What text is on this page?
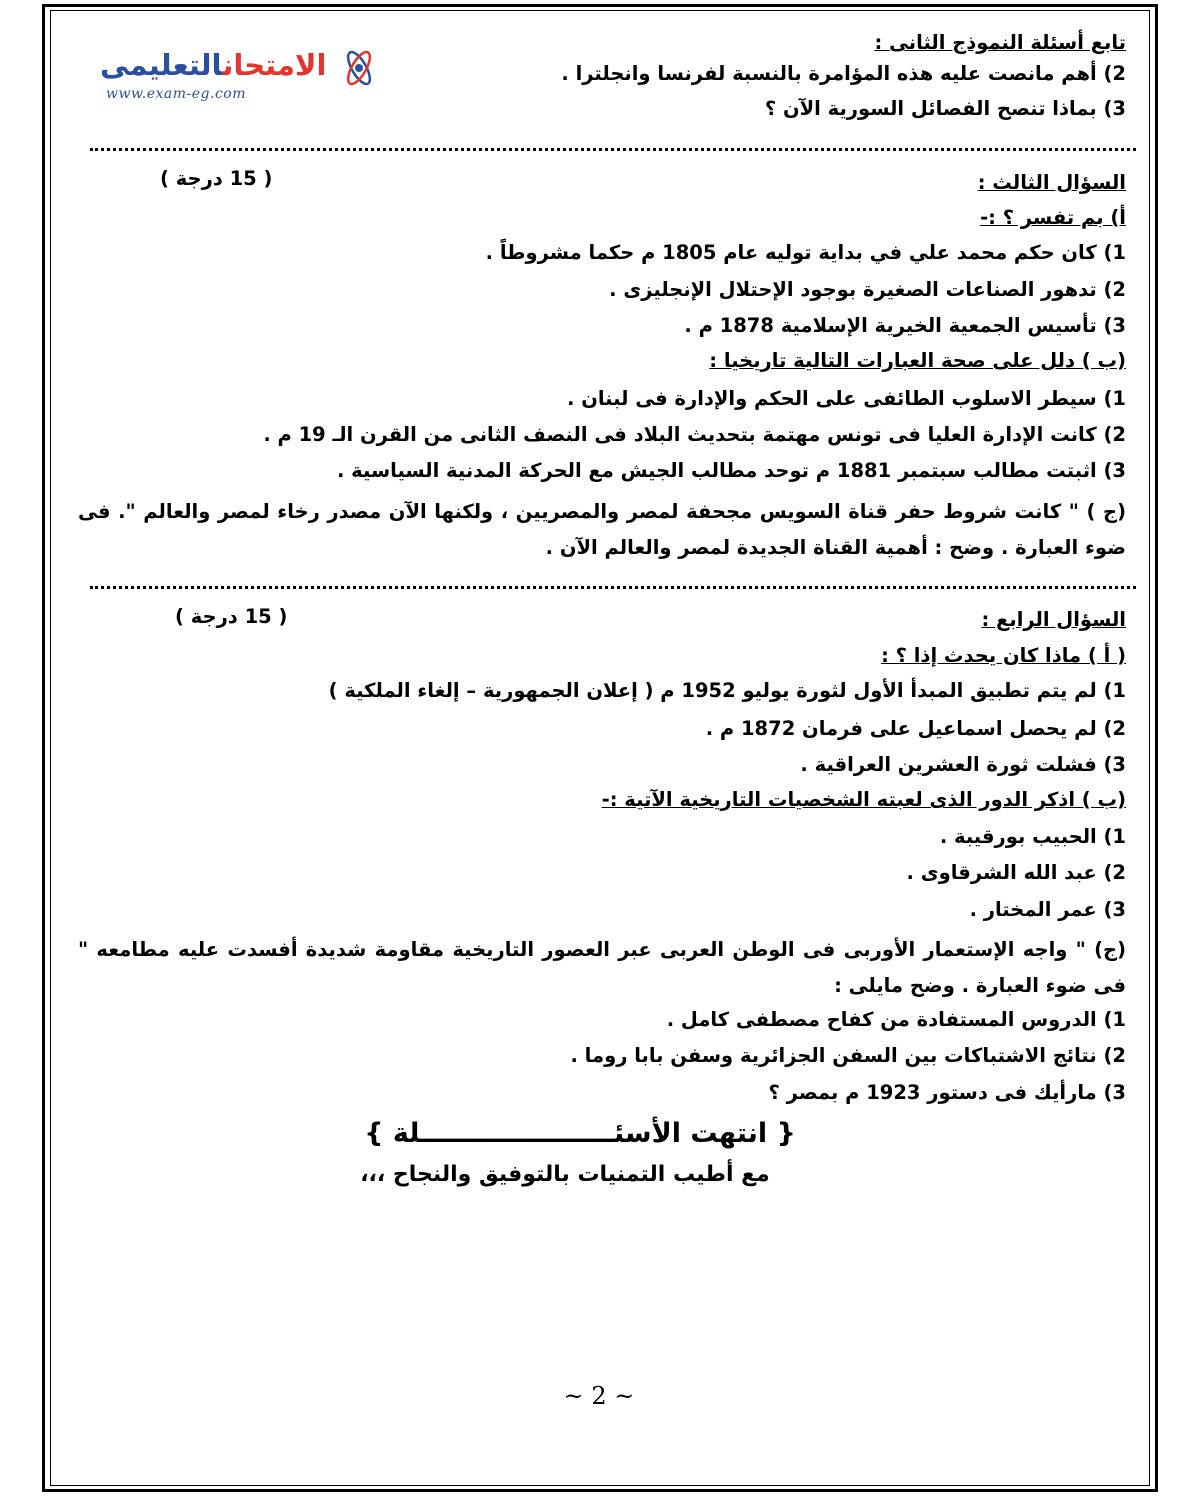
الامتحانالتعليمى
www.exam-eg.com
تابع أسئلة النموذج الثانى :
2) أهم مانصت عليه هذه المؤامرة بالنسبة لفرنسا وانجلترا .
3) بماذا تنصح الفصائل السورية الآن ؟
السؤال الثالث :
( 15 درجة )
أ) بم تفسر ؟ :-
1) كان حكم محمد علي في بداية توليه عام 1805 م حكما مشروطاً .
2) تدهور الصناعات الصغيرة بوجود الإحتلال الإنجليزى .
3) تأسيس الجمعية الخيرية الإسلامية 1878 م .
(ب ) دلل على صحة العبارات التالية تاريخيا :
1) سيطر الاسلوب الطائفى على الحكم والإدارة فى لبنان .
2) كانت الإدارة العليا فى تونس مهتمة بتحديث البلاد فى النصف الثانى من القرن الـ 19 م .
3) اثبتت مطالب سبتمبر 1881 م توحد مطالب الجيش مع الحركة المدنية السياسية .
(ج ) " كانت شروط حفر قناة السويس مجحفة لمصر والمصريين ، ولكنها الآن مصدر رخاء لمصر والعالم ". فى ضوء العبارة . وضح : أهمية القناة الجديدة لمصر والعالم الآن .
السؤال الرابع :
( 15 درجة )
( أ ) ماذا كان يحدث إذا ؟ :
1) لم يتم تطبيق المبدأ الأول لثورة يوليو 1952 م ( إعلان الجمهورية – إلغاء الملكية )
2) لم يحصل اسماعيل على فرمان 1872 م .
3) فشلت ثورة العشرين العراقية .
(ب ) اذكر الدور الذى لعبته الشخصيات التاريخية الآتية :-
1) الحبيب بورقيبة .
2) عبد الله الشرقاوى .
3) عمر المختار .
(ج) " واجه الإستعمار الأوربى فى الوطن العربى عبر العصور التاريخية مقاومة شديدة أفسدت عليه مطامعه " فى ضوء العبارة . وضح مايلى :
1) الدروس المستفادة من كفاح مصطفى كامل .
2) نتائج الاشتباكات بين السفن الجزائرية وسفن بابا روما .
3) مارأيك فى دستور 1923 م بمصر ؟
{ انتهت الأسئـــــــــــــــــــــلة }
مع أطيب التمنيات بالتوفيق والنجاح ،،،
~ 2 ~
